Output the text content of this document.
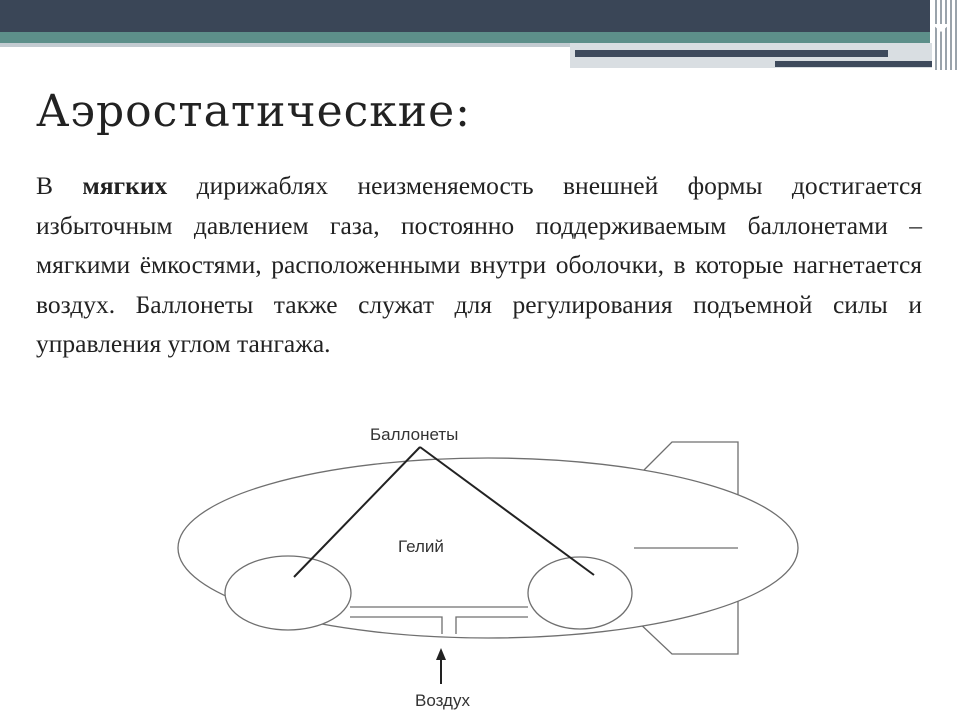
Аэростатические:

В мягких дирижаблях неизменяемость внешней формы достигается избыточным давлением газа, постоянно поддерживаемым баллонетами – мягкими ёмкостями, расположенными внутри оболочки, в которые нагнетается воздух. Баллонеты также служат для регулирования подъемной силы и управления углом тангажа.

Баллонеты
Гелий
Воздух
